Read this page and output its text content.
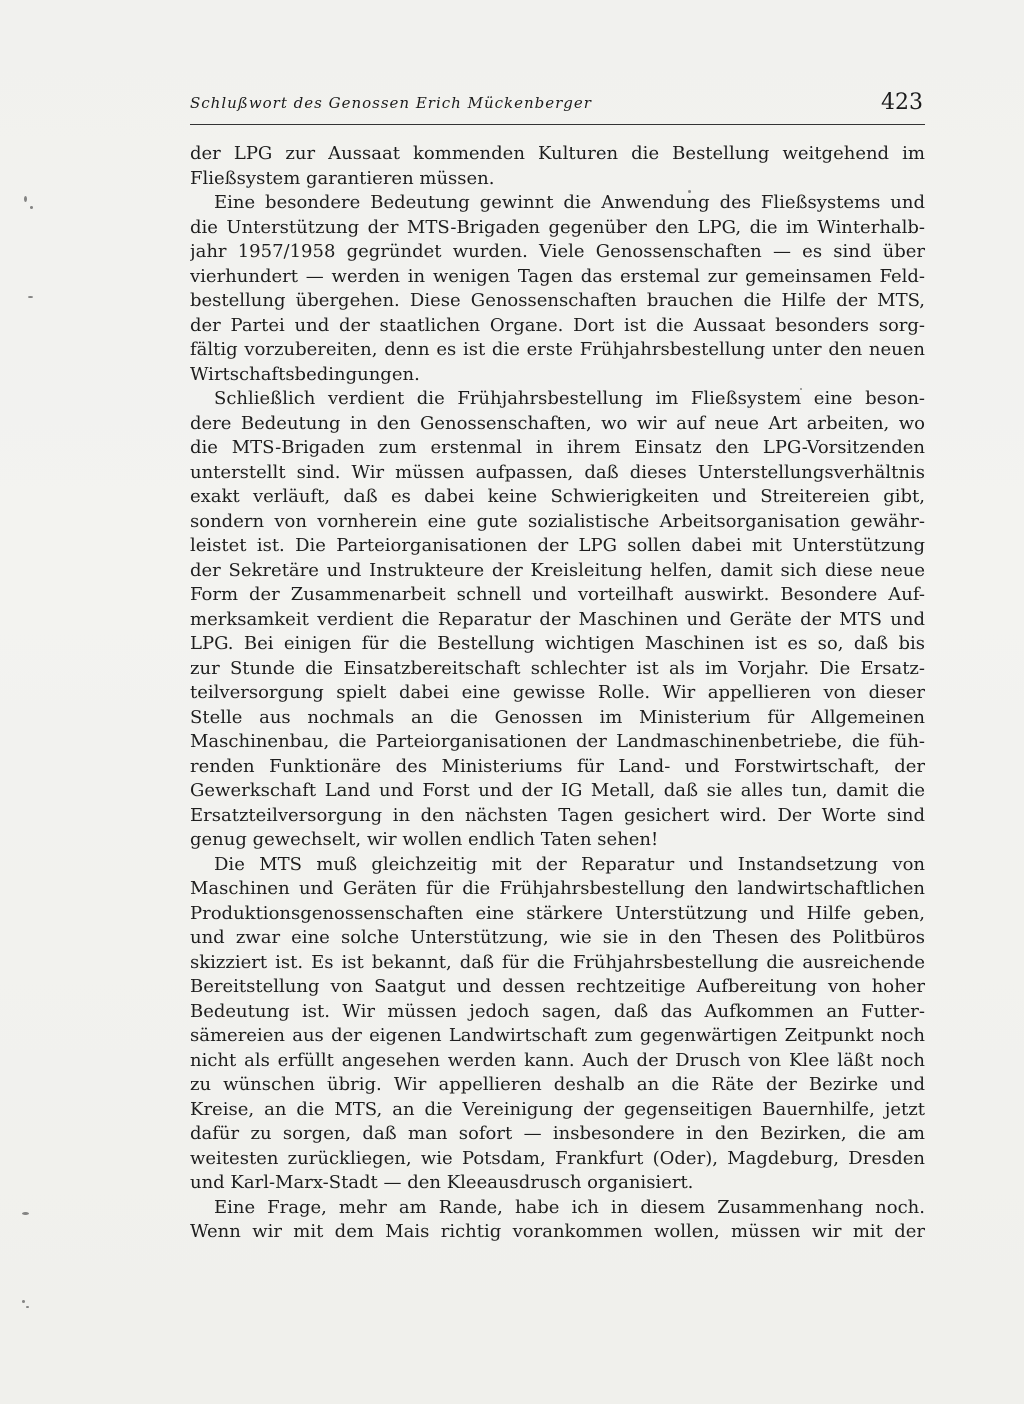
Schlußwort des Genossen Erich Mückenberger	423
der LPG zur Aussaat kommenden Kulturen die Bestellung weitgehend im
Fließsystem garantieren müssen.
Eine besondere Bedeutung gewinnt die Anwendung des Fließsystems und
die Unterstützung der MTS-Brigaden gegenüber den LPG, die im Winterhalb-
jahr 1957/1958 gegründet wurden. Viele Genossenschaften — es sind über
vierhundert — werden in wenigen Tagen das erstemal zur gemeinsamen Feld-
bestellung übergehen. Diese Genossenschaften brauchen die Hilfe der MTS,
der Partei und der staatlichen Organe. Dort ist die Aussaat besonders sorg-
fältig vorzubereiten, denn es ist die erste Frühjahrsbestellung unter den neuen
Wirtschaftsbedingungen.
Schließlich verdient die Frühjahrsbestellung im Fließsystem eine beson-
dere Bedeutung in den Genossenschaften, wo wir auf neue Art arbeiten, wo
die MTS-Brigaden zum erstenmal in ihrem Einsatz den LPG-Vorsitzenden
unterstellt sind. Wir müssen aufpassen, daß dieses Unterstellungsverhältnis
exakt verläuft, daß es dabei keine Schwierigkeiten und Streitereien gibt,
sondern von vornherein eine gute sozialistische Arbeitsorganisation gewähr-
leistet ist. Die Parteiorganisationen der LPG sollen dabei mit Unterstützung
der Sekretäre und Instrukteure der Kreisleitung helfen, damit sich diese neue
Form der Zusammenarbeit schnell und vorteilhaft auswirkt. Besondere Auf-
merksamkeit verdient die Reparatur der Maschinen und Geräte der MTS und
LPG. Bei einigen für die Bestellung wichtigen Maschinen ist es so, daß bis
zur Stunde die Einsatzbereitschaft schlechter ist als im Vorjahr. Die Ersatz-
teilversorgung spielt dabei eine gewisse Rolle. Wir appellieren von dieser
Stelle aus nochmals an die Genossen im Ministerium für Allgemeinen
Maschinenbau, die Parteiorganisationen der Landmaschinenbetriebe, die füh-
renden Funktionäre des Ministeriums für Land- und Forstwirtschaft, der
Gewerkschaft Land und Forst und der IG Metall, daß sie alles tun, damit die
Ersatzteilversorgung in den nächsten Tagen gesichert wird. Der Worte sind
genug gewechselt, wir wollen endlich Taten sehen!
Die MTS muß gleichzeitig mit der Reparatur und Instandsetzung von
Maschinen und Geräten für die Frühjahrsbestellung den landwirtschaftlichen
Produktionsgenossenschaften eine stärkere Unterstützung und Hilfe geben,
und zwar eine solche Unterstützung, wie sie in den Thesen des Politbüros
skizziert ist. Es ist bekannt, daß für die Frühjahrsbestellung die ausreichende
Bereitstellung von Saatgut und dessen rechtzeitige Aufbereitung von hoher
Bedeutung ist. Wir müssen jedoch sagen, daß das Aufkommen an Futter-
sämereien aus der eigenen Landwirtschaft zum gegenwärtigen Zeitpunkt noch
nicht als erfüllt angesehen werden kann. Auch der Drusch von Klee läßt noch
zu wünschen übrig. Wir appellieren deshalb an die Räte der Bezirke und
Kreise, an die MTS, an die Vereinigung der gegenseitigen Bauernhilfe, jetzt
dafür zu sorgen, daß man sofort — insbesondere in den Bezirken, die am
weitesten zurückliegen, wie Potsdam, Frankfurt (Oder), Magdeburg, Dresden
und Karl-Marx-Stadt — den Kleeausdrusch organisiert.
Eine Frage, mehr am Rande, habe ich in diesem Zusammenhang noch.
Wenn wir mit dem Mais richtig vorankommen wollen, müssen wir mit der
